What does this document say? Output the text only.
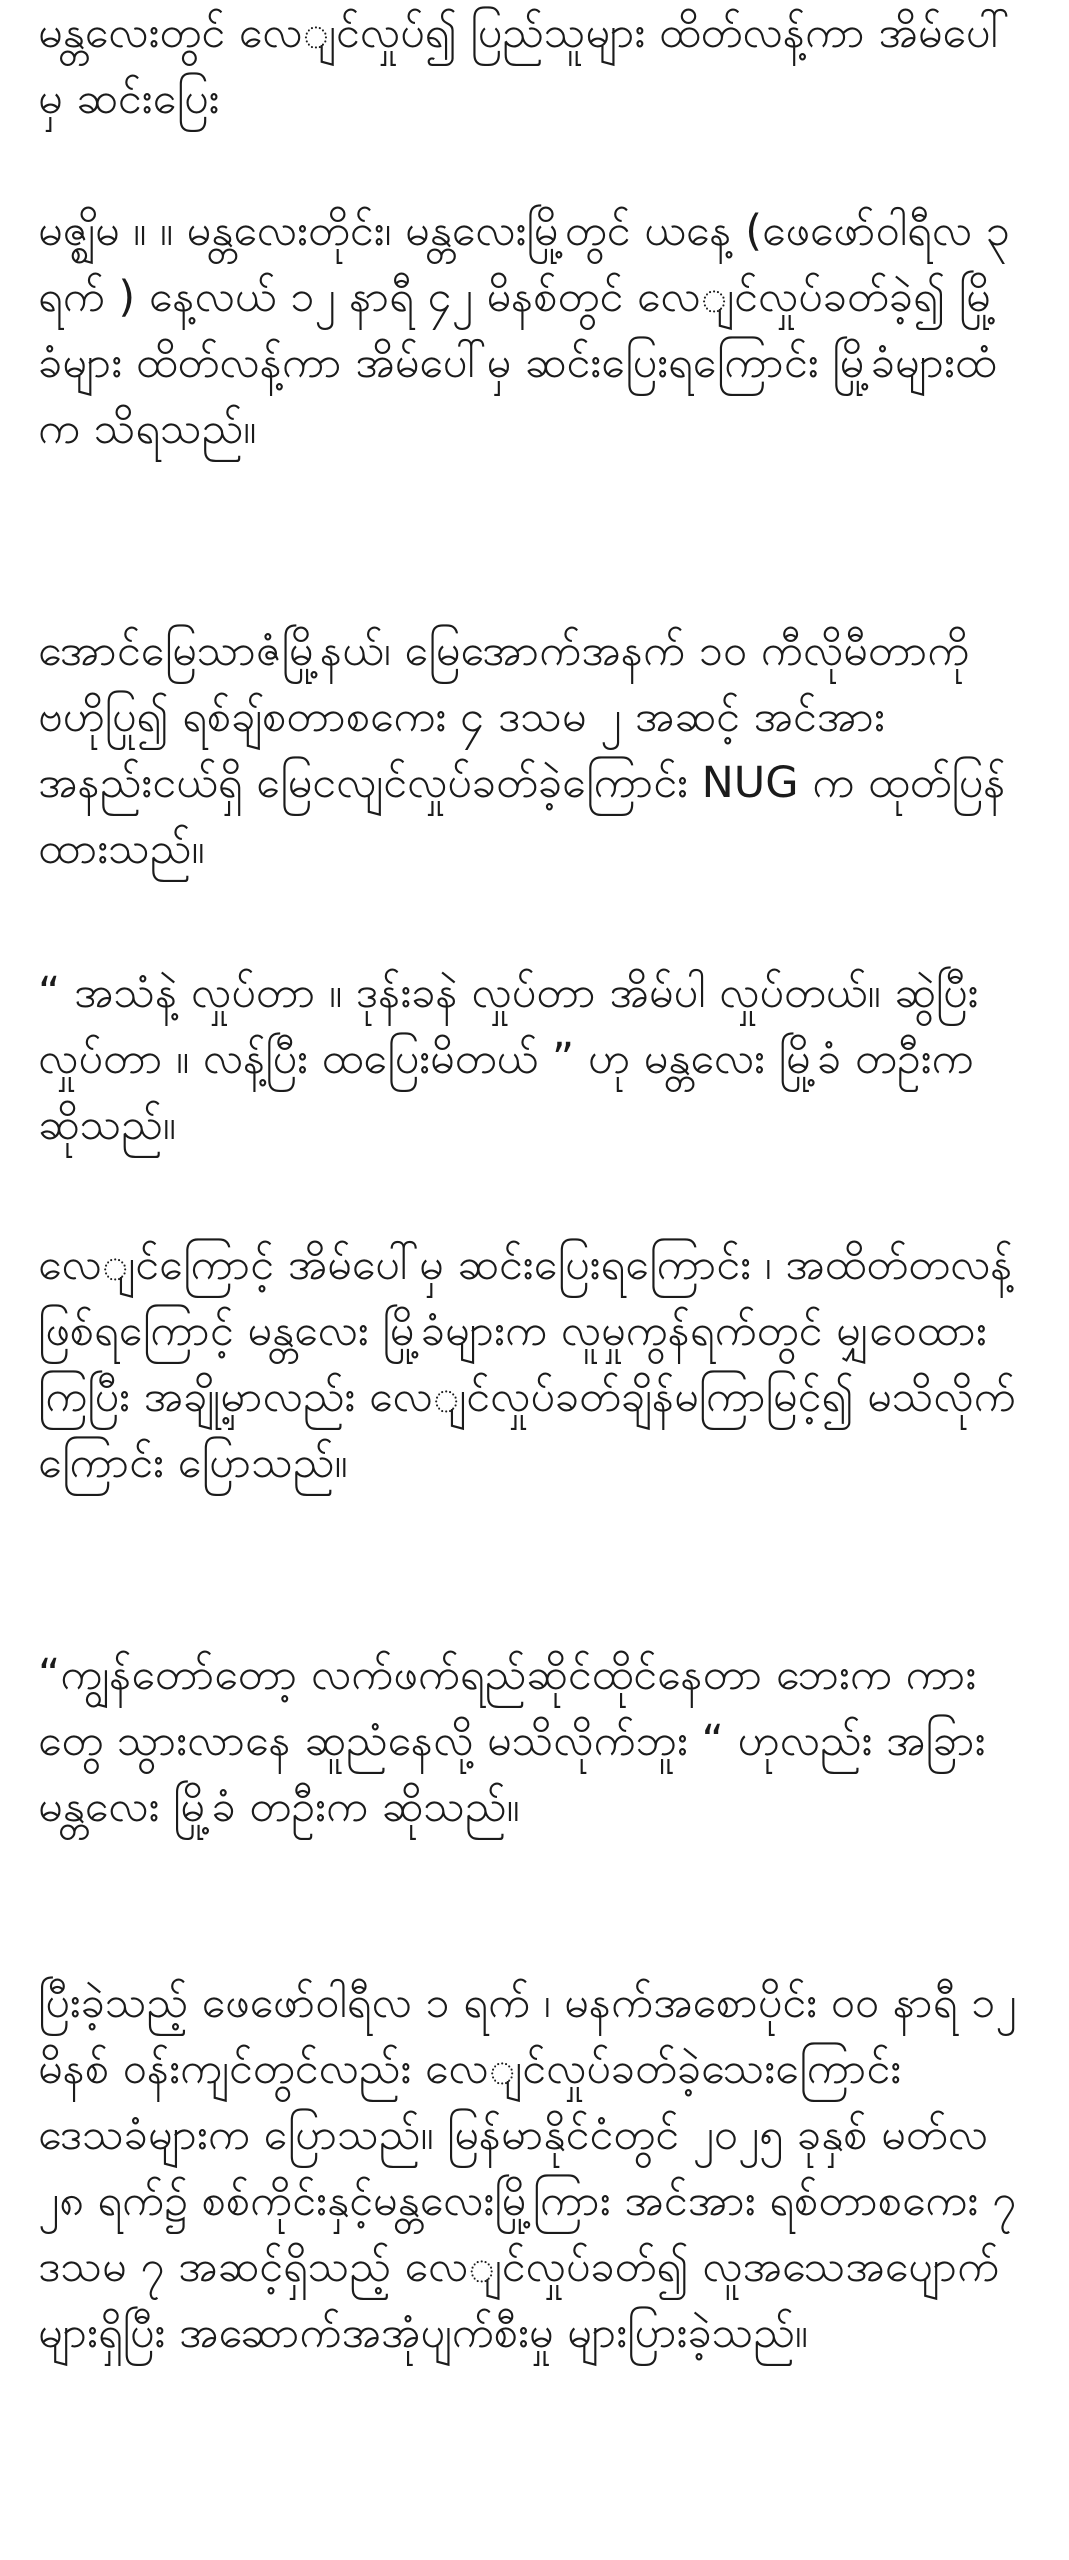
မန္တလေးတွင် လေျင်လှုပ်၍ ပြည်သူများ ထိတ်လန့်ကာ အိမ်ပေါ်မှ ဆင်းပြေး

မဇ္ဈိမ ။ ။ မန္တလေးတိုင်း၊ မန္တလေးမြို့တွင် ယနေ့ (ဖေဖော်ဝါရီလ ၃ ရက် ) နေ့လယ် ၁၂ နာရီ ၄၂ မိနစ်တွင် လေျင်လှုပ်ခတ်ခဲ့၍ မြို့ခံများ ထိတ်လန့်ကာ အိမ်ပေါ်မှ ဆင်းပြေးရကြောင်း မြို့ခံများထံက သိရသည်။

အောင်မြေသာဇံမြို့နယ်၊ မြေအောက်အနက် ၁၀ ကီလိုမီတာကို ဗဟိုပြု၍ ရစ်ချ်စတာစကေး ၄ ဒသမ ၂ အဆင့် အင်အားအနည်းငယ်ရှိ မြေငလျင်လှုပ်ခတ်ခဲ့ကြောင်း NUG က ထုတ်ပြန်ထားသည်။

“ အသံနဲ့ လှုပ်တာ ။ ဒုန်းခနဲ လှုပ်တာ အိမ်ပါ လှုပ်တယ်။ ဆွဲပြီး လှုပ်တာ ။ လန့်ပြီး ထပြေးမိတယ် ” ဟု မန္တလေး မြို့ခံ တဦးက ဆိုသည်။

လေျင်ကြောင့် အိမ်ပေါ်မှ ဆင်းပြေးရကြောင်း ၊ အထိတ်တလန့် ဖြစ်ရကြောင့် မန္တလေး မြို့ခံများက လူမှုကွန်ရက်တွင် မျှဝေထားကြပြီး အချို့မှာလည်း လေျင်လှုပ်ခတ်ချိန်မကြာမြင့်၍ မသိလိုက်ကြောင်း ပြောသည်။

“ကျွန်တော်တော့ လက်ဖက်ရည်ဆိုင်ထိုင်နေတာ ဘေးက ကားတွေ သွားလာနေ ဆူညံနေလို့ မသိလိုက်ဘူး “ ဟုလည်း အခြား မန္တလေး မြို့ခံ တဦးက ဆိုသည်။

ပြီးခဲ့သည့် ဖေဖော်ဝါရီလ ၁ ရက် ၊ မနက်အစောပိုင်း ၀၀ နာရီ ၁၂ မိနစ် ဝန်းကျင်တွင်လည်း လေျင်လှုပ်ခတ်ခဲ့သေးကြောင်း ဒေသခံများက ပြောသည်။ မြန်မာနိုင်ငံတွင် ၂၀၂၅ ခုနှစ် မတ်လ ၂၈ ရက်၌ စစ်ကိုင်းနှင့်မန္တလေးမြို့ကြား အင်အား ရစ်တာစကေး ၇ ဒသမ ၇ အဆင့်ရှိသည့် လေျင်လှုပ်ခတ်၍ လူအသေအပျောက်များရှိပြီး အဆောက်အအုံပျက်စီးမှု များပြားခဲ့သည်။
